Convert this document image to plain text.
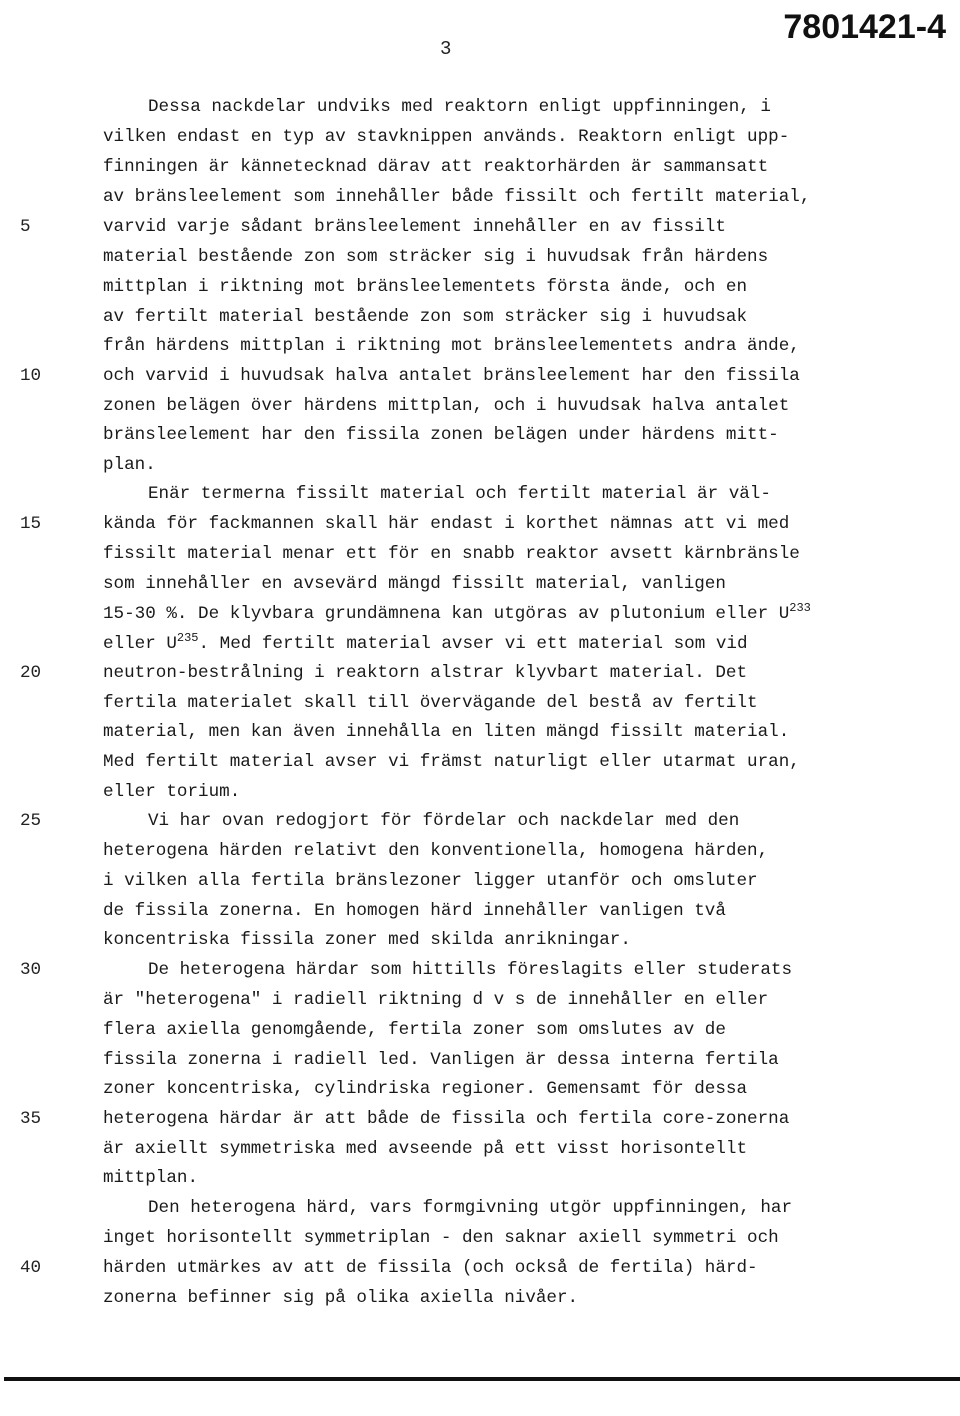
7801421-4
3
5
10
15
20
25
30
35
40
Dessa nackdelar undviks med reaktorn enligt uppfinningen, i
vilken endast en typ av stavknippen används. Reaktorn enligt upp-
finningen är kännetecknad därav att reaktorhärden är sammansatt
av bränsleelement som innehåller både fissilt och fertilt material,
varvid varje sådant bränsleelement innehåller en av fissilt
material bestående zon som sträcker sig i huvudsak från härdens
mittplan i riktning mot bränsleelementets första ände, och en
av fertilt material bestående zon som sträcker sig i huvudsak
från härdens mittplan i riktning mot bränsleelementets andra ände,
och varvid i huvudsak halva antalet bränsleelement har den fissila
zonen belägen över härdens mittplan, och i huvudsak halva antalet
bränsleelement har den fissila zonen belägen under härdens mitt-
plan.
Enär termerna fissilt material och fertilt material är väl-
kända för fackmannen skall här endast i korthet nämnas att vi med
fissilt material menar ett för en snabb reaktor avsett kärnbränsle
som innehåller en avsevärd mängd fissilt material, vanligen
15-30 %. De klyvbara grundämnena kan utgöras av plutonium eller $U^{233}$
eller $U^{235}$. Med fertilt material avser vi ett material som vid
neutron-bestrålning i reaktorn alstrar klyvbart material. Det
fertila materialet skall till övervägande del bestå av fertilt
material, men kan även innehålla en liten mängd fissilt material.
Med fertilt material avser vi främst naturligt eller utarmat uran,
eller torium.
Vi har ovan redogjort för fördelar och nackdelar med den
heterogena härden relativt den konventionella, homogena härden,
i vilken alla fertila bränslezoner ligger utanför och omsluter
de fissila zonerna. En homogen härd innehåller vanligen två
koncentriska fissila zoner med skilda anrikningar.
De heterogena härdar som hittills föreslagits eller studerats
är "heterogena" i radiell riktning d v s de innehåller en eller
flera axiella genomgående, fertila zoner som omslutes av de
fissila zonerna i radiell led. Vanligen är dessa interna fertila
zoner koncentriska, cylindriska regioner. Gemensamt för dessa
heterogena härdar är att både de fissila och fertila core-zonerna
är axiellt symmetriska med avseende på ett visst horisontellt
mittplan.
Den heterogena härd, vars formgivning utgör uppfinningen, har
inget horisontellt symmetriplan - den saknar axiell symmetri och
härden utmärkes av att de fissila (och också de fertila) härd-
zonerna befinner sig på olika axiella nivåer.
